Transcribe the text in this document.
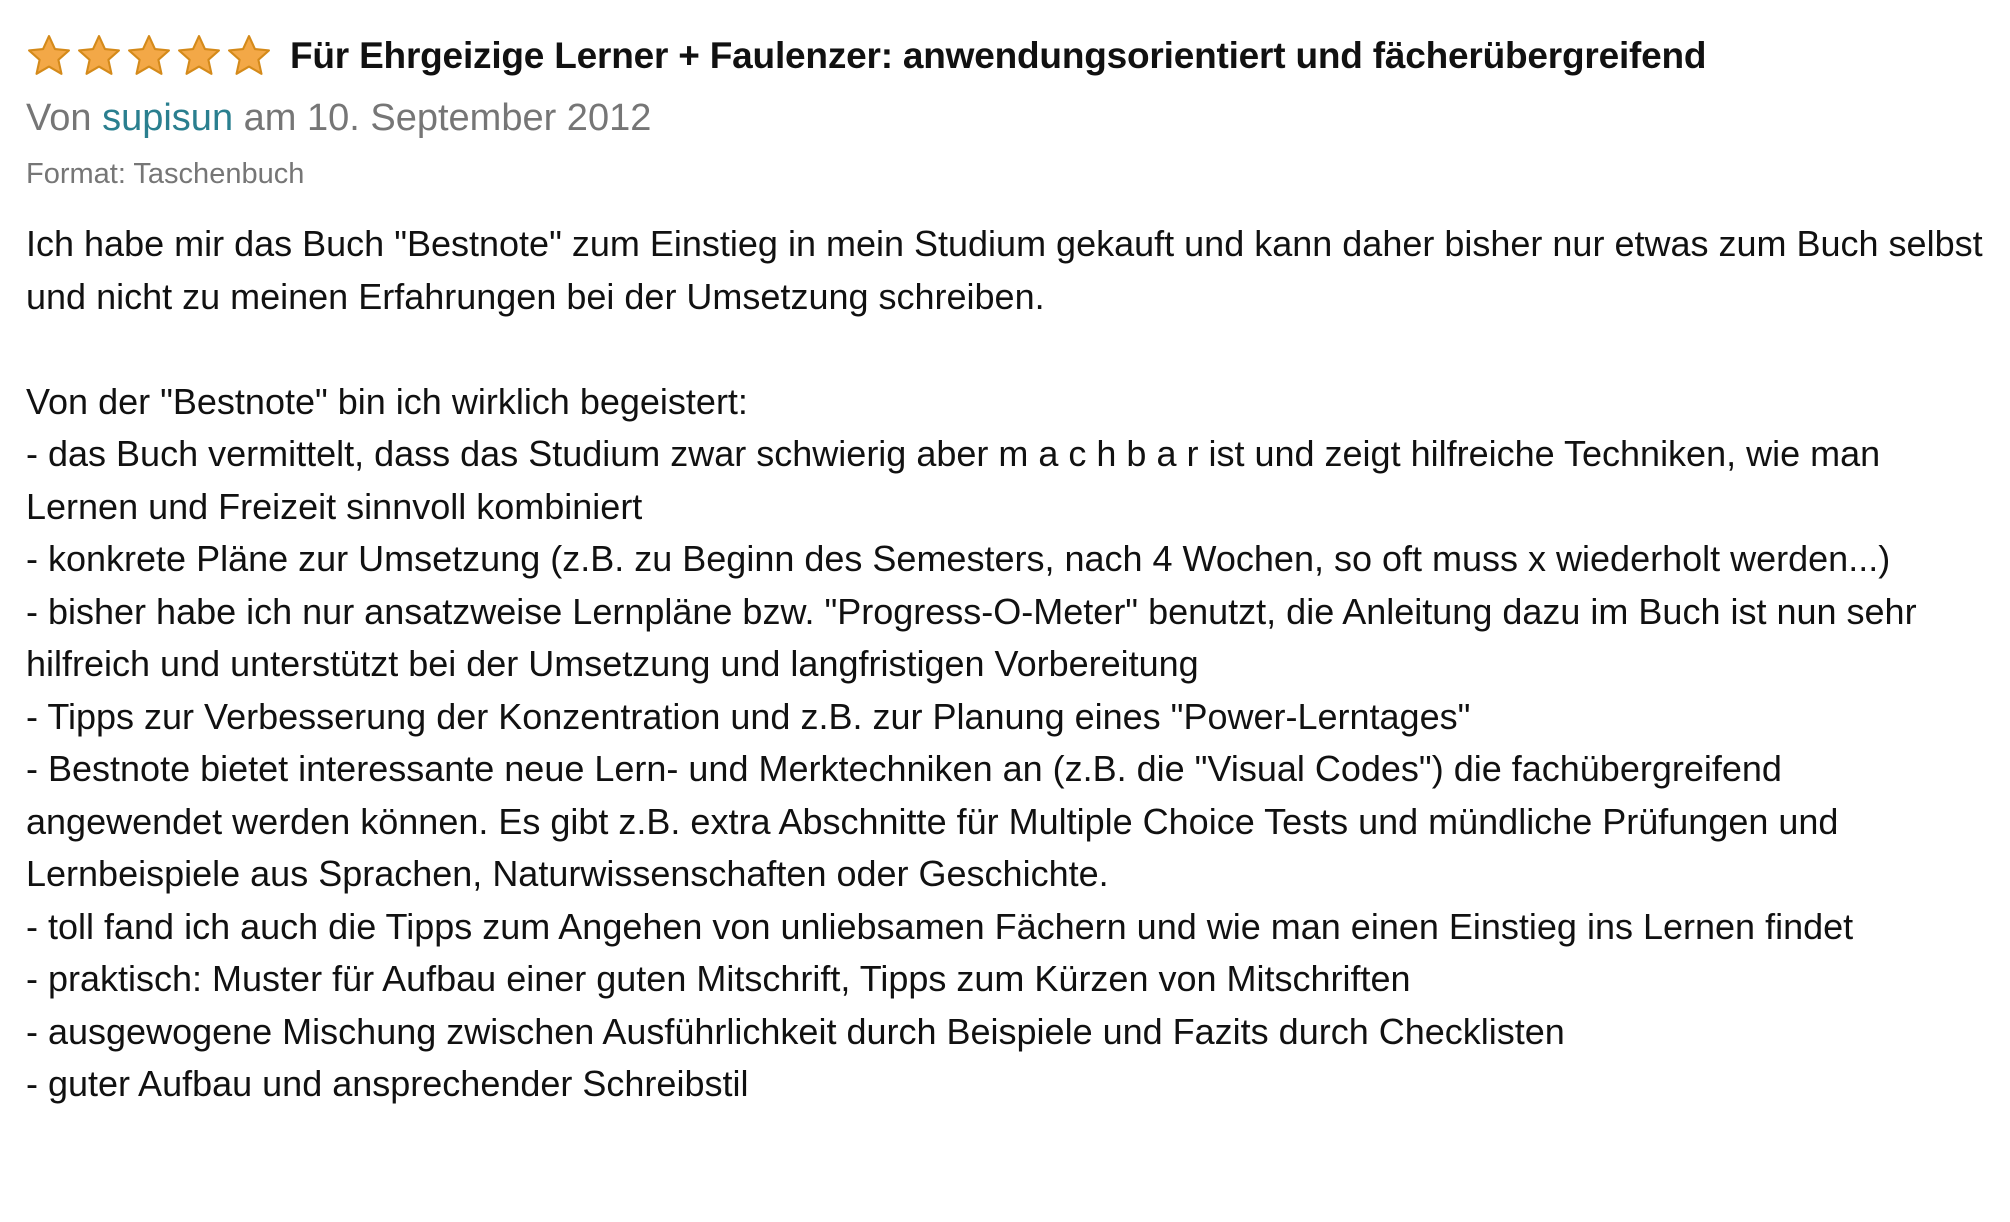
Für Ehrgeizige Lerner + Faulenzer: anwendungsorientiert und fächerübergreifend
Von supisun am 10. September 2012
Format: Taschenbuch

Ich habe mir das Buch "Bestnote" zum Einstieg in mein Studium gekauft und kann daher bisher nur etwas zum Buch selbst und nicht zu meinen Erfahrungen bei der Umsetzung schreiben.

Von der "Bestnote" bin ich wirklich begeistert:

- das Buch vermittelt, dass das Studium zwar schwierig aber m a c h b a r ist und zeigt hilfreiche Techniken, wie man Lernen und Freizeit sinnvoll kombiniert

- konkrete Pläne zur Umsetzung (z.B. zu Beginn des Semesters, nach 4 Wochen, so oft muss x wiederholt werden...)

- bisher habe ich nur ansatzweise Lernpläne bzw. "Progress-O-Meter" benutzt, die Anleitung dazu im Buch ist nun sehr hilfreich und unterstützt bei der Umsetzung und langfristigen Vorbereitung

- Tipps zur Verbesserung der Konzentration und z.B. zur Planung eines "Power-Lerntages"

- Bestnote bietet interessante neue Lern- und Merktechniken an (z.B. die "Visual Codes") die fachübergreifend angewendet werden können. Es gibt z.B. extra Abschnitte für Multiple Choice Tests und mündliche Prüfungen und Lernbeispiele aus Sprachen, Naturwissenschaften oder Geschichte.

- toll fand ich auch die Tipps zum Angehen von unliebsamen Fächern und wie man einen Einstieg ins Lernen findet

- praktisch: Muster für Aufbau einer guten Mitschrift, Tipps zum Kürzen von Mitschriften

- ausgewogene Mischung zwischen Ausführlichkeit durch Beispiele und Fazits durch Checklisten

- guter Aufbau und ansprechender Schreibstil
